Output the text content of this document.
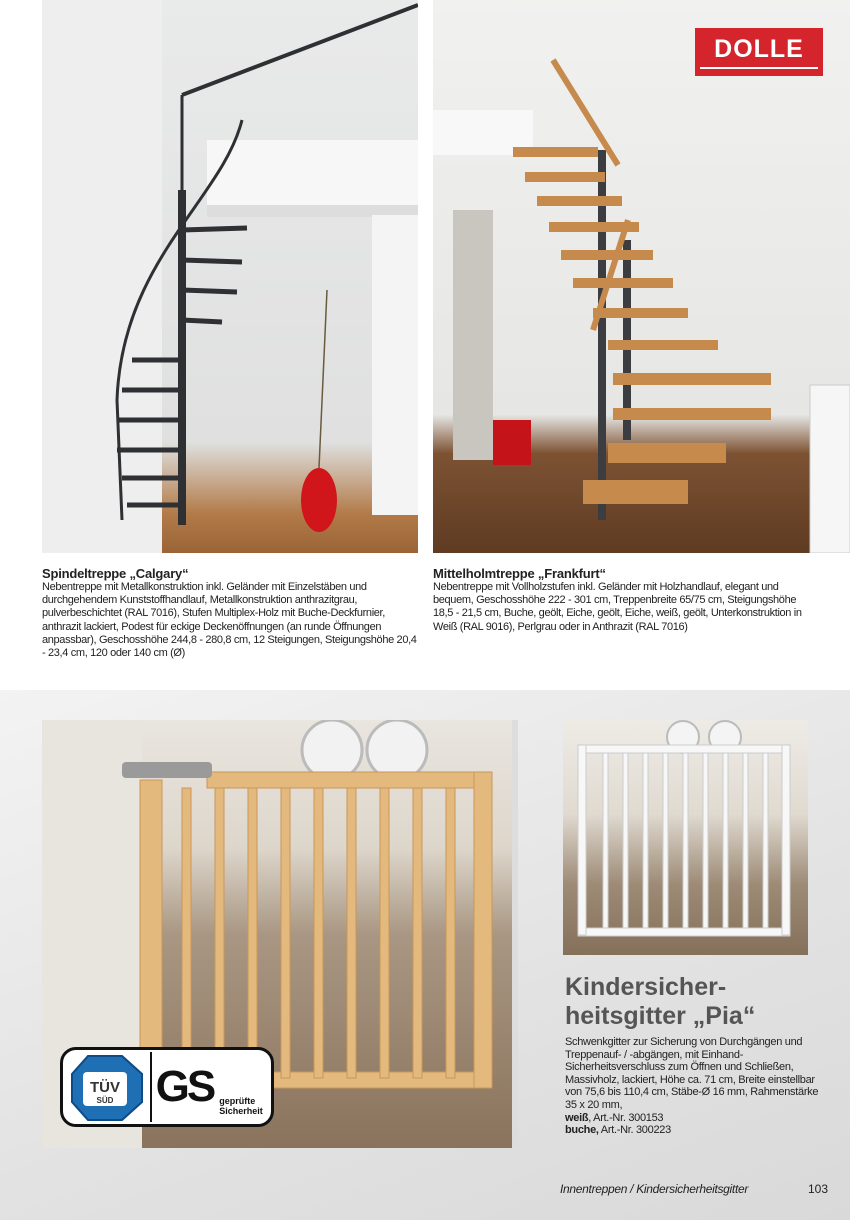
DOLLE
Spindeltreppe „Calgary“

Nebentreppe mit Metallkonstruktion inkl. Geländer mit Einzelstäben und durchgehendem Kunststoffhandlauf, Metallkonstruktion anthrazitgrau, pulverbeschichtet (RAL 7016), Stufen Multiplex-Holz mit Buche-Deckfurnier, anthrazit lackiert, Podest für eckige Deckenöffnungen (an runde Öffnungen anpassbar), Geschosshöhe 244,8 - 280,8 cm, 12 Steigungen, Steigungshöhe 20,4 - 23,4 cm, 120 oder 140 cm (Ø)

Mittelholmtreppe „Frankfurt“

Nebentreppe mit Vollholzstufen inkl. Geländer mit Holzhandlauf, elegant und bequem, Geschosshöhe 222 - 301 cm, Treppenbreite 65/75 cm, Steigungshöhe 18,5 - 21,5 cm, Buche, geölt, Eiche, geölt, Eiche, weiß, geölt, Unterkonstruktion in Weiß (RAL 9016), Perlgrau oder in Anthrazit (RAL 7016)

TÜV
SÜD GS geprüfte Sicherheit
Kindersicher-
heitsgitter „Pia“

Schwenkgitter zur Sicherung von Durchgängen und Treppenauf- / -abgängen, mit Einhand-Sicherheitsverschluss zum Öffnen und Schließen, Massivholz, lackiert, Höhe ca. 71 cm, Breite einstellbar von 75,6 bis 110,4 cm, Stäbe-Ø 16 mm, Rahmenstärke 35 x 20 mm,

weiß, Art.-Nr. 300153

buche, Art.-Nr. 300223

Innentreppen / Kindersicherheitsgitter	103
